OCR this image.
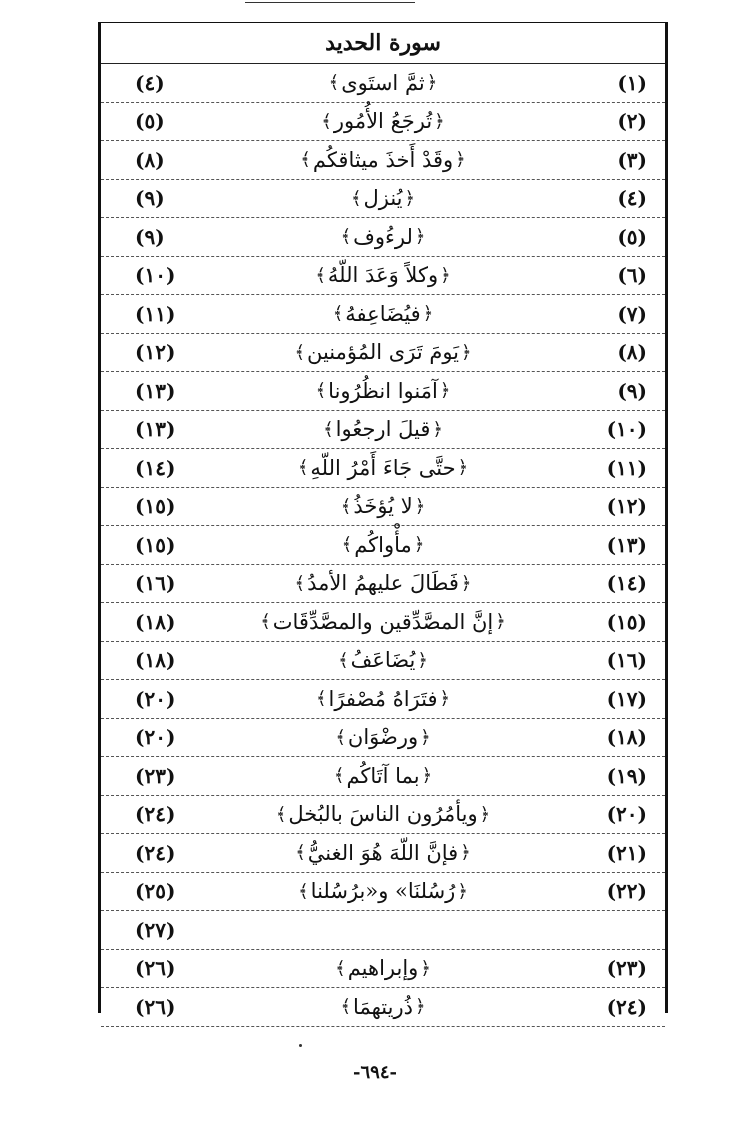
سورة الحديد
(١)
﴿
ثمَّ استَوى
﴾
(٤)
(٢)
﴿
تُرجَعُ الأُمُور
﴾
(٥)
(٣)
﴿
وقَدْ أَخذَ ميثاقكُم
﴾
(٨)
(٤)
﴿
يُنزل
﴾
(٩)
(٥)
﴿
لرءُوف
﴾
(٩)
(٦)
﴿
وكلاً وَعَدَ اللّهُ
﴾
(١٠)
(٧)
﴿
فيُضَاعِفهُ
﴾
(١١)
(٨)
﴿
يَومَ تَرَى المُؤمنين
﴾
(١٢)
(٩)
﴿
آمَنوا انظُرُونا
﴾
(١٣)
(١٠)
﴿
قيلَ ارجعُوا
﴾
(١٣)
(١١)
﴿
حتَّى جَاءَ أَمْرُ اللّهِ
﴾
(١٤)
(١٢)
﴿
لا يُؤخَذُ
﴾
(١٥)
(١٣)
﴿
مأْواكُم
﴾
(١٥)
(١٤)
﴿
فَطَالَ عليهمُ الأمدُ
﴾
(١٦)
(١٥)
﴿
إنَّ المصَّدِّقين والمصَّدِّقَات
﴾
(١٨)
(١٦)
﴿
يُضَاعَفُ
﴾
(١٨)
(١٧)
﴿
فتَرَاهُ مُصْفرًا
﴾
(٢٠)
(١٨)
﴿
ورضْوَان
﴾
(٢٠)
(١٩)
﴿
بما آتَاكُم
﴾
(٢٣)
(٢٠)
﴿
ويأمُرُون الناسَ بالبُخل
﴾
(٢٤)
(٢١)
﴿
فإنَّ اللّهَ هُوَ الغنيُّ
﴾
(٢٤)
(٢٢)
﴿
رُسُلنَا» و«برُسُلنا
﴾
(٢٥)
(٢٧)
(٢٣)
﴿
وإبراهيم
﴾
(٢٦)
(٢٤)
﴿
ذُريتهمَا
﴾
(٢٦)
-٦٩٤-
